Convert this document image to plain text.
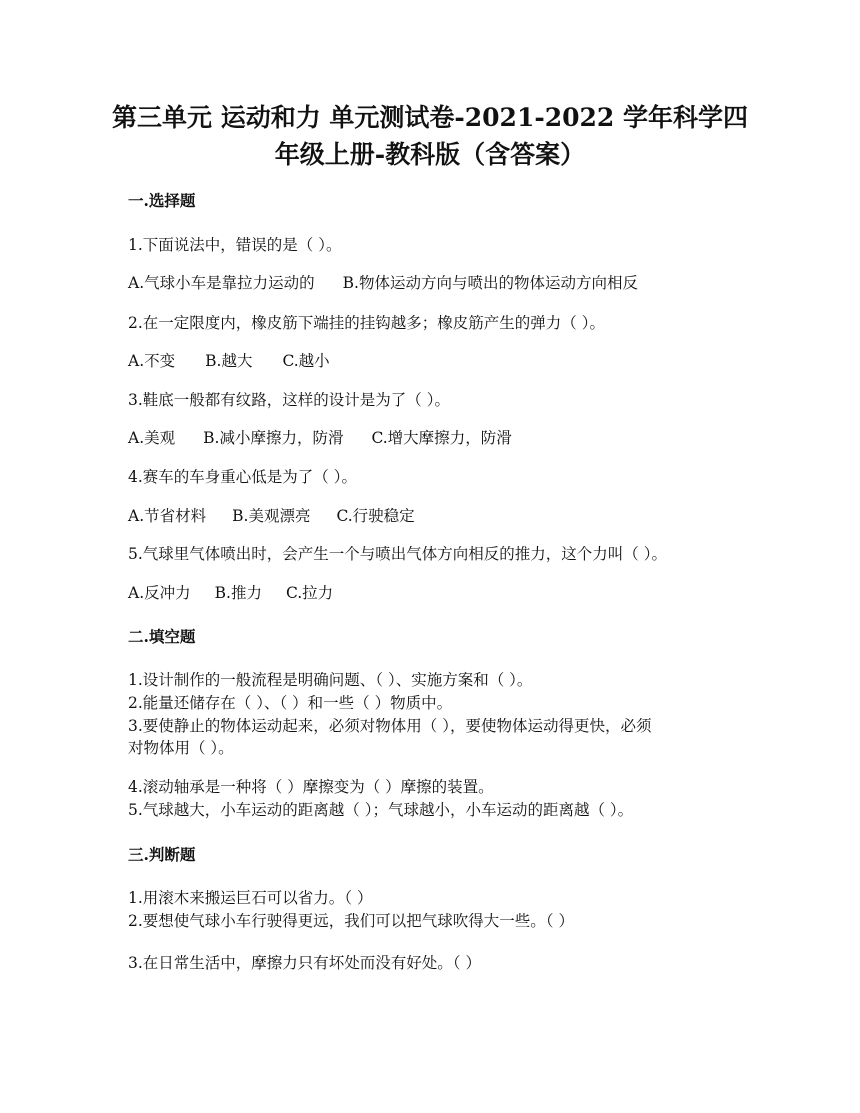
第三单元 运动和力 单元测试卷-2021-2022 学年科学四
年级上册-教科版（含答案）
一.选择题
1.下面说法中，错误的是（ ）。
A.气球小车是靠拉力运动的 B.物体运动方向与喷出的物体运动方向相反
2.在一定限度内，橡皮筋下端挂的挂钩越多；橡皮筋产生的弹力（ ）。
A.不变 B.越大 C.越小
3.鞋底一般都有纹路，这样的设计是为了（ ）。
A.美观 B.减小摩擦力，防滑 C.增大摩擦力，防滑
4.赛车的车身重心低是为了（ ）。
A.节省材料 B.美观漂亮 C.行驶稳定
5.气球里气体喷出时，会产生一个与喷出气体方向相反的推力，这个力叫（ ）。
A.反冲力 B.推力 C.拉力
二.填空题
1.设计制作的一般流程是明确问题、（ ）、实施方案和（ ）。
2.能量还储存在（ ）、（ ）和一些（ ）物质中。
3.要使静止的物体运动起来，必须对物体用（ ），要使物体运动得更快，必须
对物体用（ ）。
4.滚动轴承是一种将（ ）摩擦变为（ ）摩擦的装置。
5.气球越大，小车运动的距离越（ ）；气球越小，小车运动的距离越（ ）。
三.判断题
1.用滚木来搬运巨石可以省力。（ ）
2.要想使气球小车行驶得更远，我们可以把气球吹得大一些。（ ）
3.在日常生活中，摩擦力只有坏处而没有好处。（ ）
